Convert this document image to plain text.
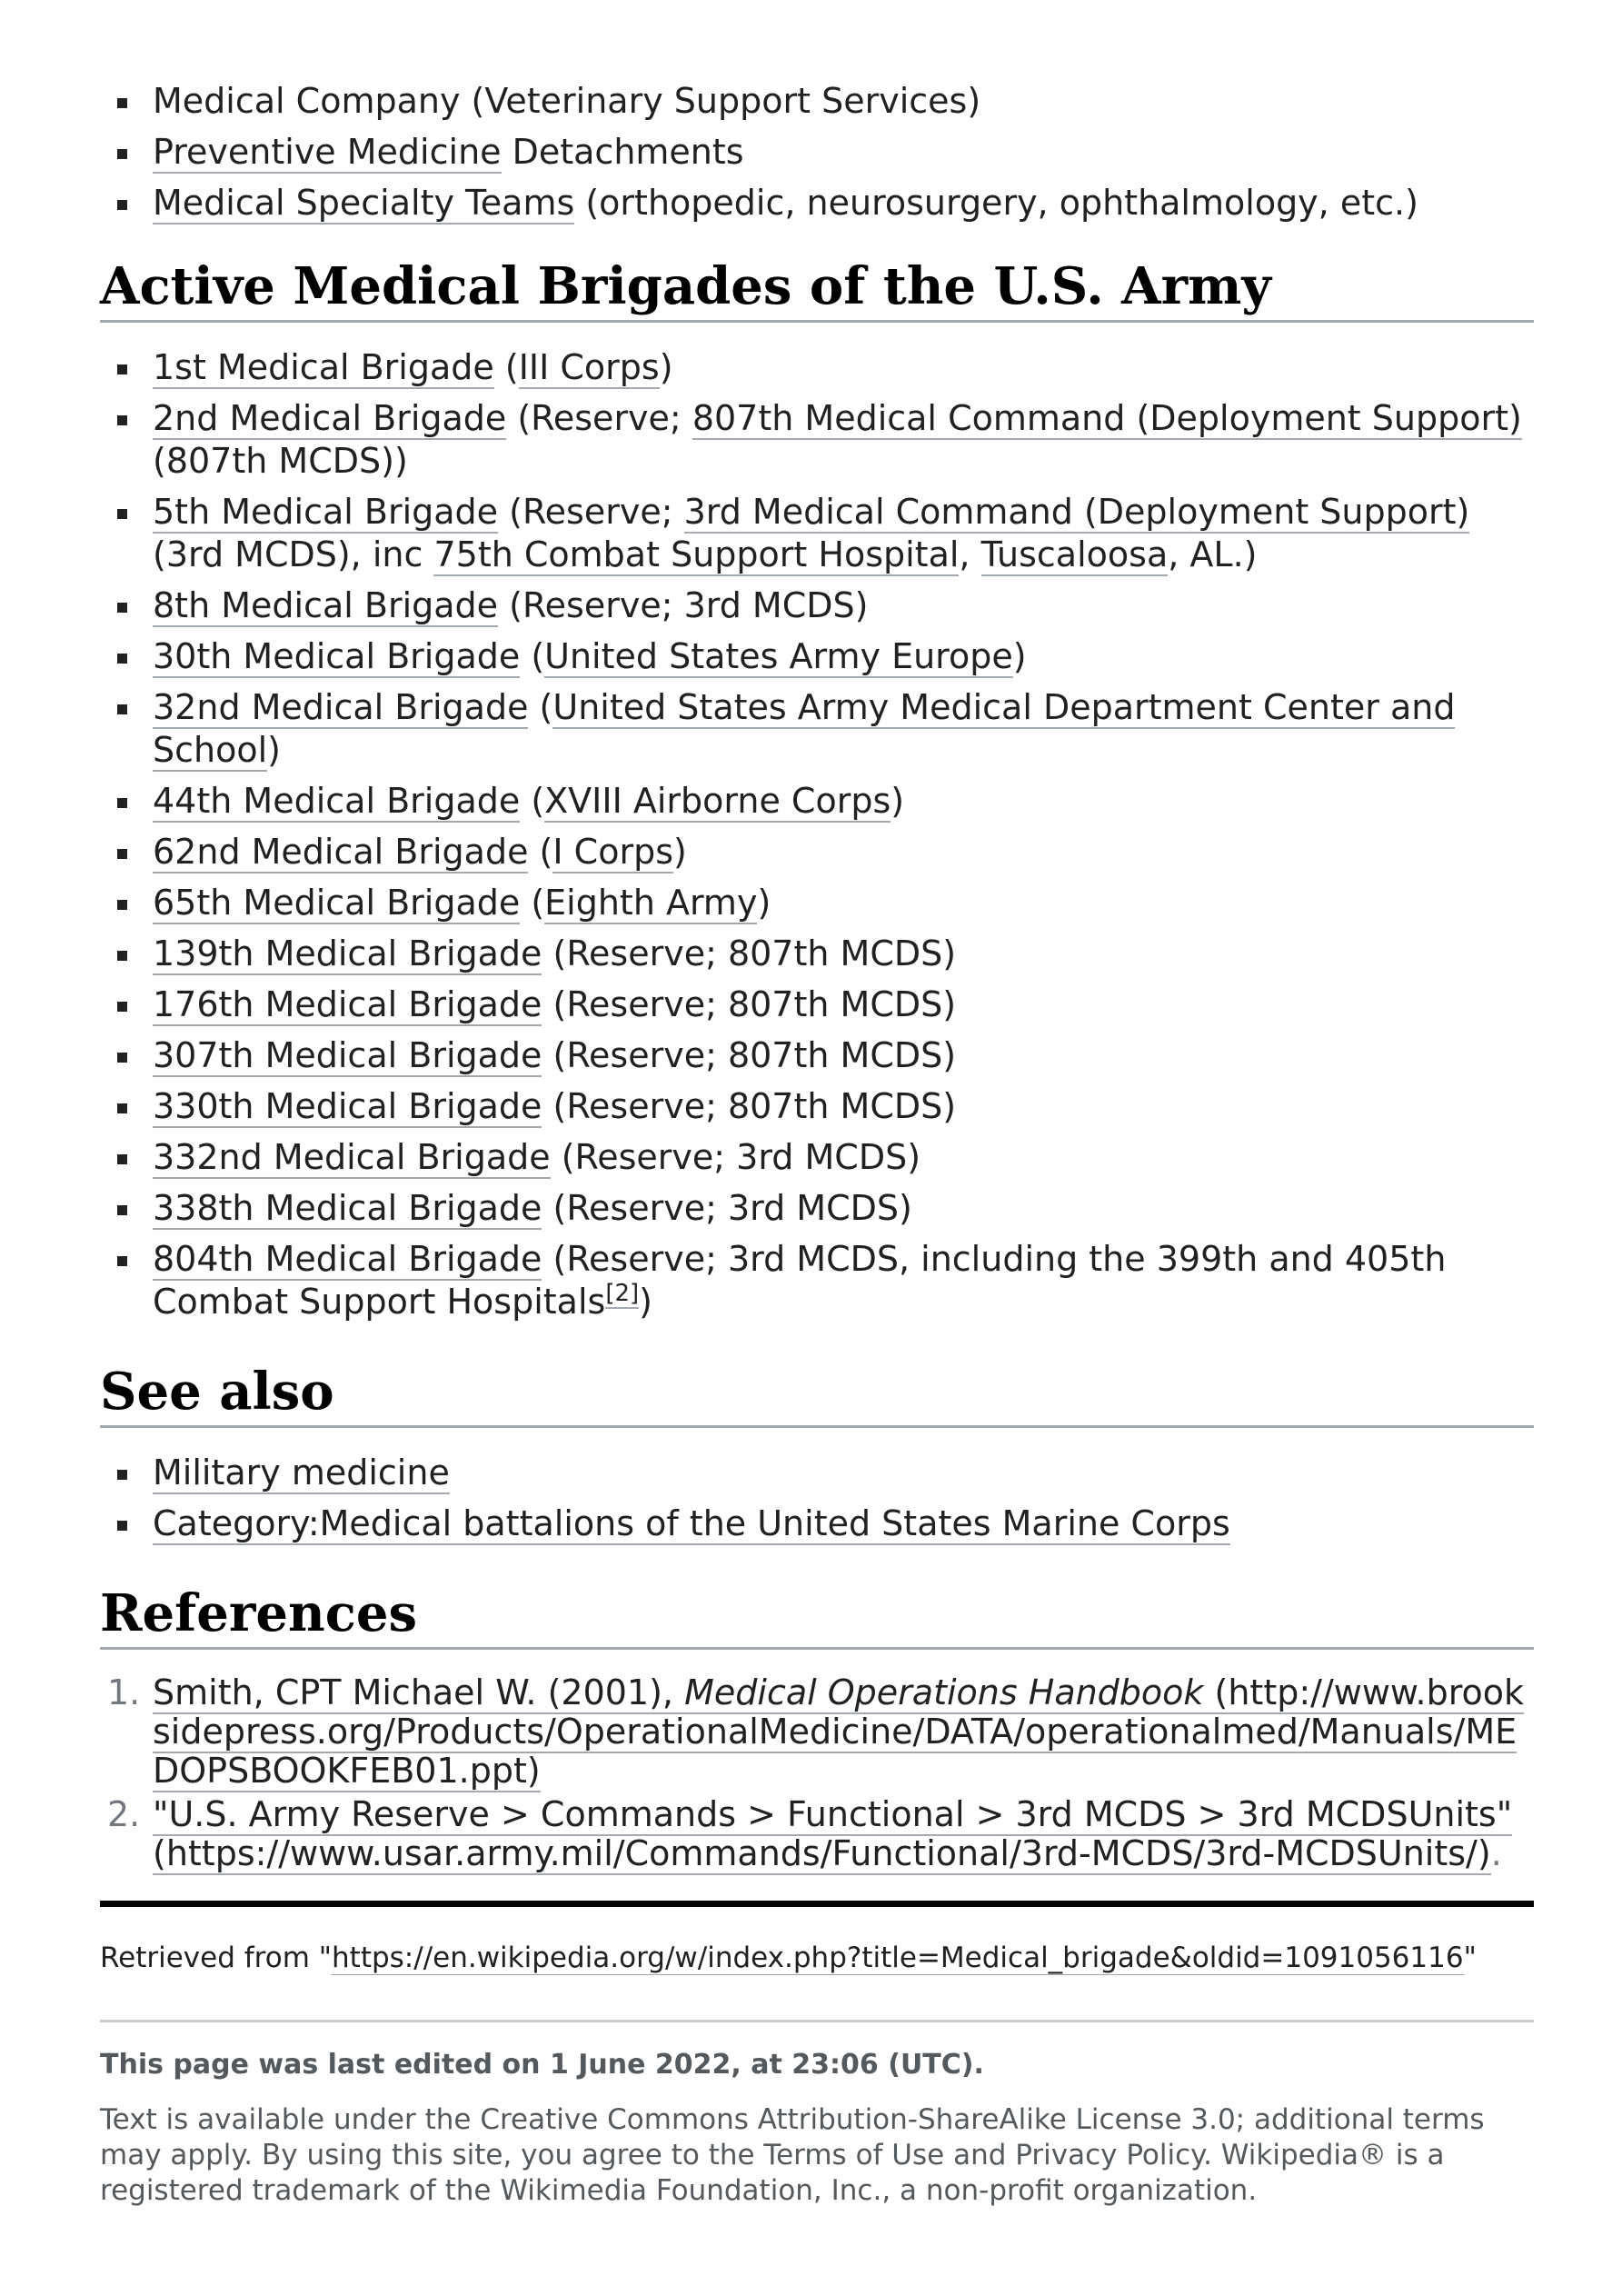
Medical Company (Veterinary Support Services)
Preventive Medicine Detachments
Medical Specialty Teams (orthopedic, neurosurgery, ophthalmology, etc.)
Active Medical Brigades of the U.S. Army
1st Medical Brigade (III Corps)
2nd Medical Brigade (Reserve; 807th Medical Command (Deployment Support) (807th MCDS))
5th Medical Brigade (Reserve; 3rd Medical Command (Deployment Support) (3rd MCDS), inc 75th Combat Support Hospital, Tuscaloosa, AL.)
8th Medical Brigade (Reserve; 3rd MCDS)
30th Medical Brigade (United States Army Europe)
32nd Medical Brigade (United States Army Medical Department Center and School)
44th Medical Brigade (XVIII Airborne Corps)
62nd Medical Brigade (I Corps)
65th Medical Brigade (Eighth Army)
139th Medical Brigade (Reserve; 807th MCDS)
176th Medical Brigade (Reserve; 807th MCDS)
307th Medical Brigade (Reserve; 807th MCDS)
330th Medical Brigade (Reserve; 807th MCDS)
332nd Medical Brigade (Reserve; 3rd MCDS)
338th Medical Brigade (Reserve; 3rd MCDS)
804th Medical Brigade (Reserve; 3rd MCDS, including the 399th and 405th Combat Support Hospitals[2])
See also
Military medicine
Category:Medical battalions of the United States Marine Corps
References
1. Smith, CPT Michael W. (2001), Medical Operations Handbook (http://www.brooksidepress.org/Products/OperationalMedicine/DATA/operationalmed/Manuals/MEDOPSBOOKFEB01.ppt)
2. "U.S. Army Reserve > Commands > Functional > 3rd MCDS > 3rd MCDSUnits" (https://www.usar.army.mil/Commands/Functional/3rd-MCDS/3rd-MCDSUnits/).
Retrieved from "https://en.wikipedia.org/w/index.php?title=Medical_brigade&oldid=1091056116"
This page was last edited on 1 June 2022, at 23:06 (UTC).
Text is available under the Creative Commons Attribution-ShareAlike License 3.0; additional terms may apply. By using this site, you agree to the Terms of Use and Privacy Policy. Wikipedia® is a registered trademark of the Wikimedia Foundation, Inc., a non-profit organization.
